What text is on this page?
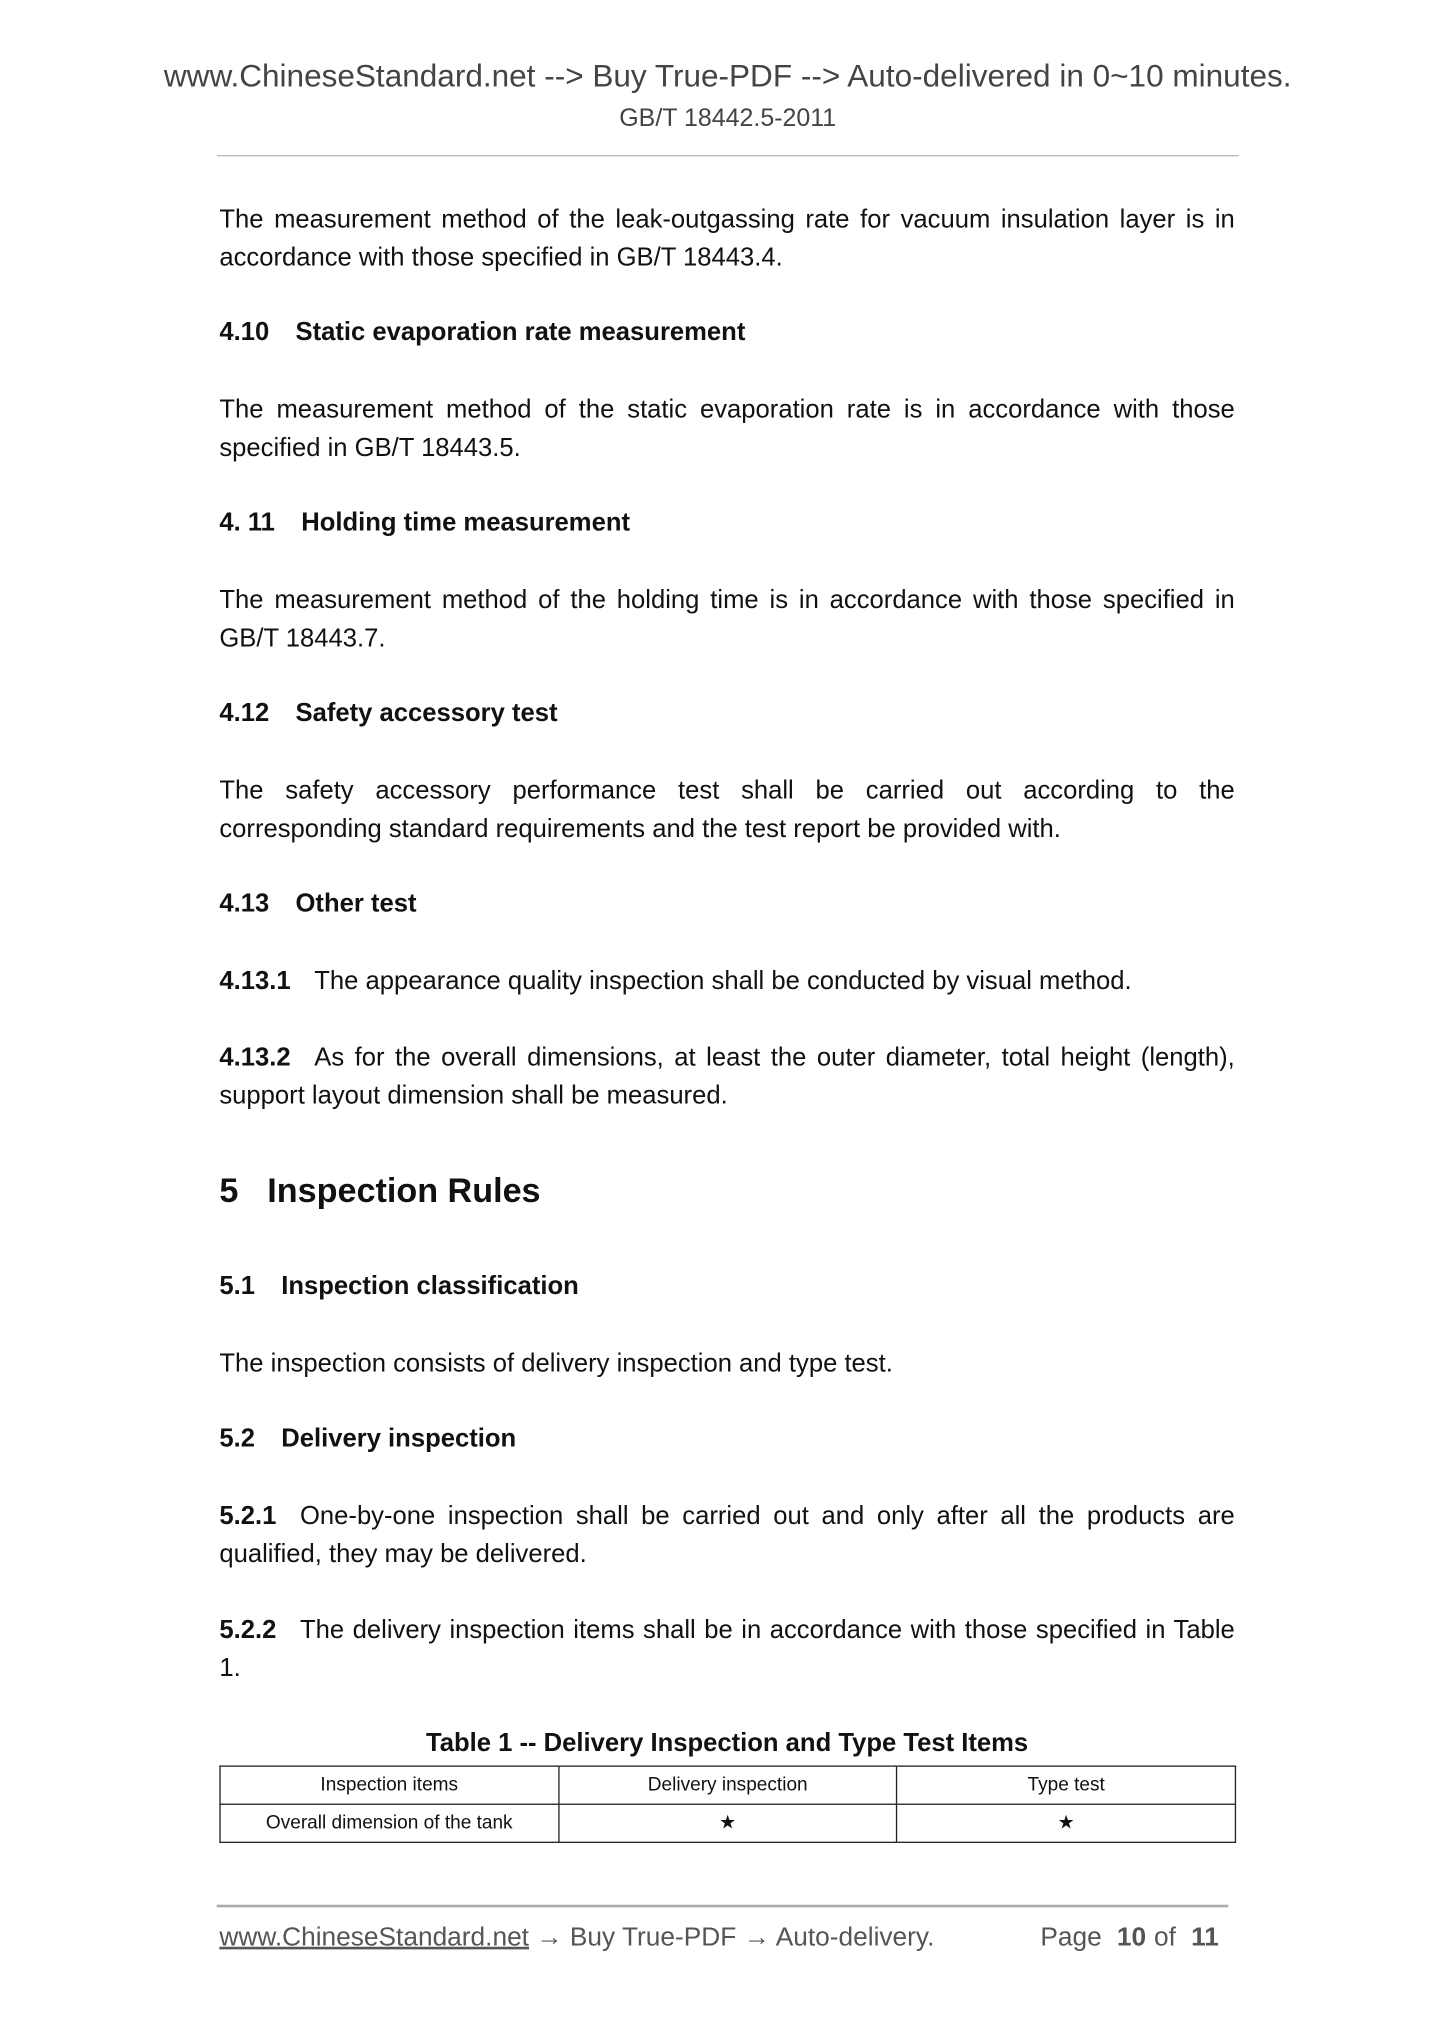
www.ChineseStandard.net --> Buy True-PDF --> Auto-delivered in 0~10 minutes.
GB/T 18442.5-2011
The measurement method of the leak-outgassing rate for vacuum insulation layer is in accordance with those specified in GB/T 18443.4.
4.10 Static evaporation rate measurement
The measurement method of the static evaporation rate is in accordance with those specified in GB/T 18443.5.
4. 11 Holding time measurement
The measurement method of the holding time is in accordance with those specified in GB/T 18443.7.
4.12 Safety accessory test
The safety accessory performance test shall be carried out according to the corresponding standard requirements and the test report be provided with.
4.13 Other test
4.13.1 The appearance quality inspection shall be conducted by visual method.
4.13.2 As for the overall dimensions, at least the outer diameter, total height (length), support layout dimension shall be measured.
5 Inspection Rules
5.1 Inspection classification
The inspection consists of delivery inspection and type test.
5.2 Delivery inspection
5.2.1 One-by-one inspection shall be carried out and only after all the products are qualified, they may be delivered.
5.2.2 The delivery inspection items shall be in accordance with those specified in Table 1.
Table 1 -- Delivery Inspection and Type Test Items
Inspection items	Delivery inspection	Type test
Overall dimension of the tank	★	★
www.ChineseStandard.net → Buy True-PDF → Auto-delivery.	Page 10 of 11
